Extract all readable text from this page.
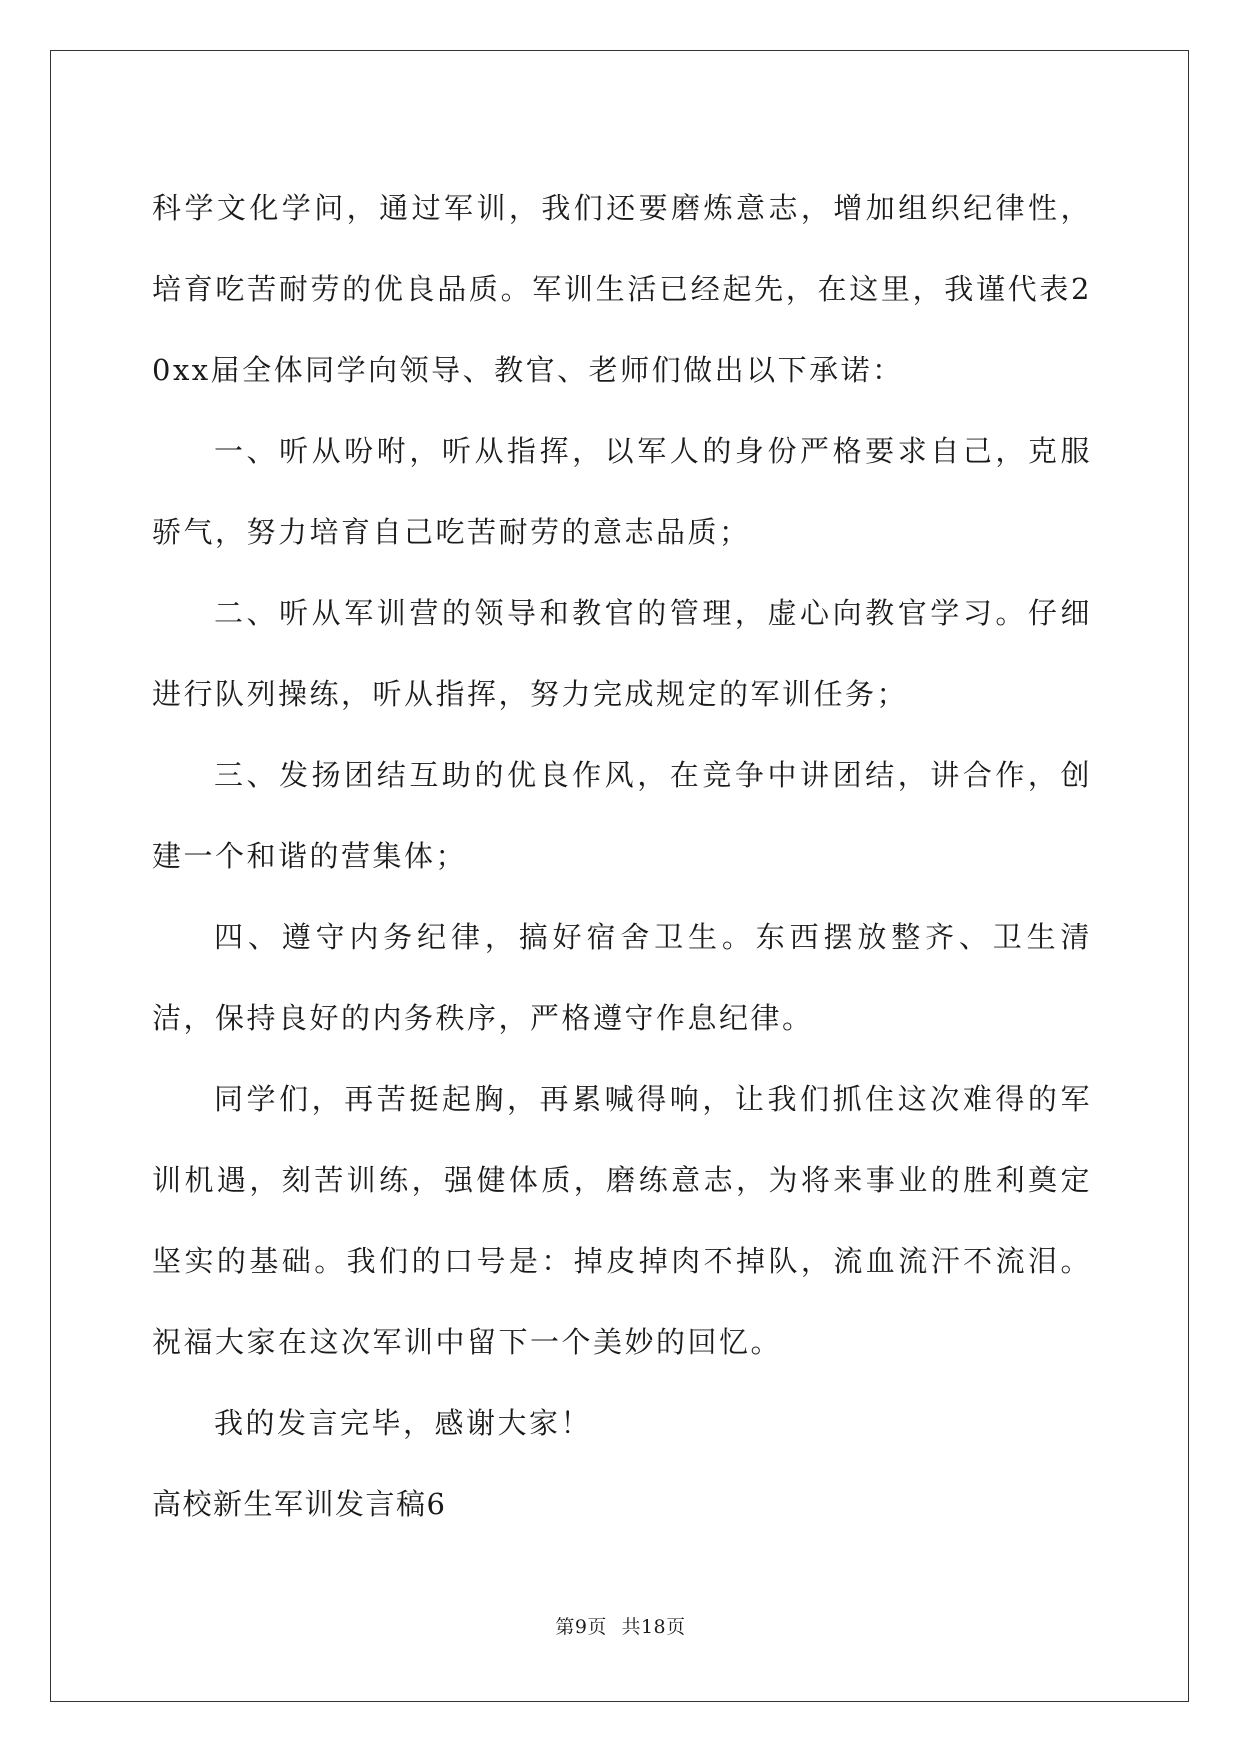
科学文化学问，通过军训，我们还要磨炼意志，增加组织纪律性，培育吃苦耐劳的优良品质。军训生活已经起先，在这里，我谨代表20xx届全体同学向领导、教官、老师们做出以下承诺：

一、听从吩咐，听从指挥，以军人的身份严格要求自己，克服骄气，努力培育自己吃苦耐劳的意志品质；

二、听从军训营的领导和教官的管理，虚心向教官学习。仔细进行队列操练，听从指挥，努力完成规定的军训任务；

三、发扬团结互助的优良作风，在竞争中讲团结，讲合作，创建一个和谐的营集体；

四、遵守内务纪律，搞好宿舍卫生。东西摆放整齐、卫生清洁，保持良好的内务秩序，严格遵守作息纪律。

同学们，再苦挺起胸，再累喊得响，让我们抓住这次难得的军训机遇，刻苦训练，强健体质，磨练意志，为将来事业的胜利奠定坚实的基础。我们的口号是：掉皮掉肉不掉队，流血流汗不流泪。祝福大家在这次军训中留下一个美妙的回忆。

我的发言完毕，感谢大家！

高校新生军训发言稿6

第9页 共18页
